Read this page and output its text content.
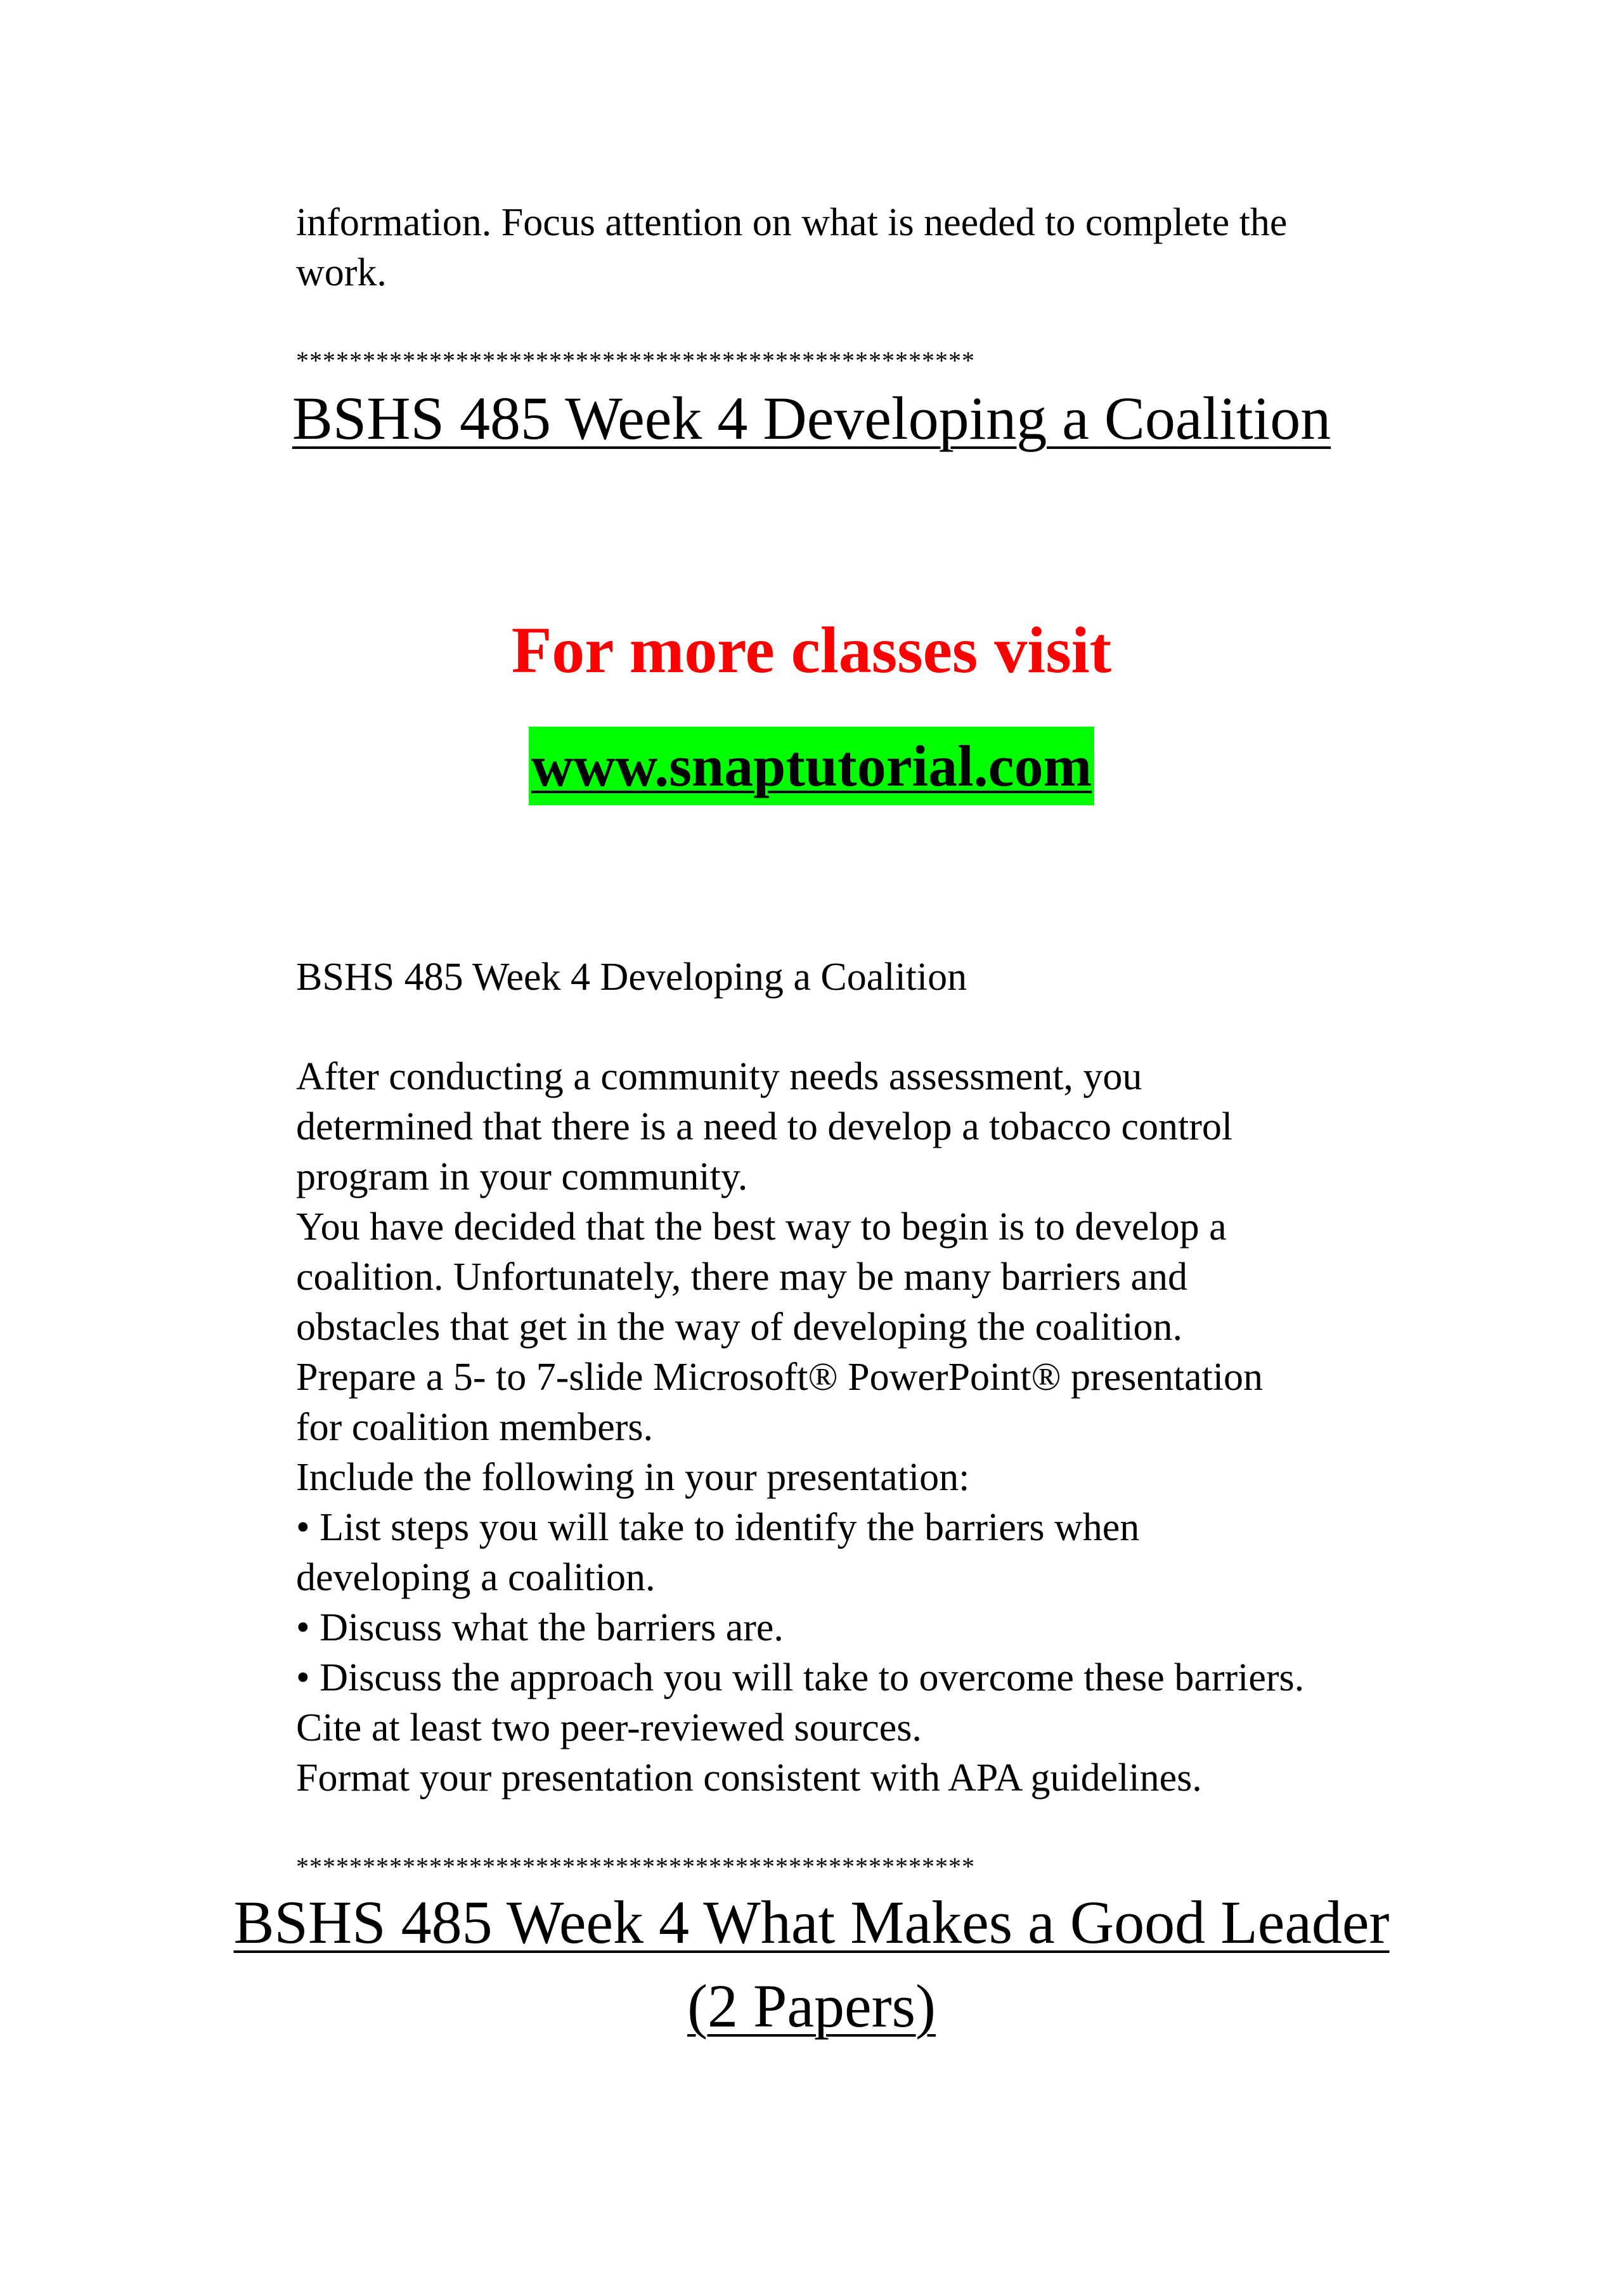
information. Focus attention on what is needed to complete the

work.

***************************************************

BSHS 485 Week 4 Developing a Coalition

For more classes visit

www.snaptutorial.com

BSHS 485 Week 4 Developing a Coalition

After conducting a community needs assessment, you
determined that there is a need to develop a tobacco control
program in your community.
You have decided that the best way to begin is to develop a
coalition. Unfortunately, there may be many barriers and
obstacles that get in the way of developing the coalition.
Prepare a 5- to 7-slide Microsoft® PowerPoint® presentation
for coalition members.
Include the following in your presentation:
• List steps you will take to identify the barriers when
developing a coalition.
• Discuss what the barriers are.
• Discuss the approach you will take to overcome these barriers.
Cite at least two peer-reviewed sources.
Format your presentation consistent with APA guidelines.

***************************************************

BSHS 485 Week 4 What Makes a Good Leader

(2 Papers)
